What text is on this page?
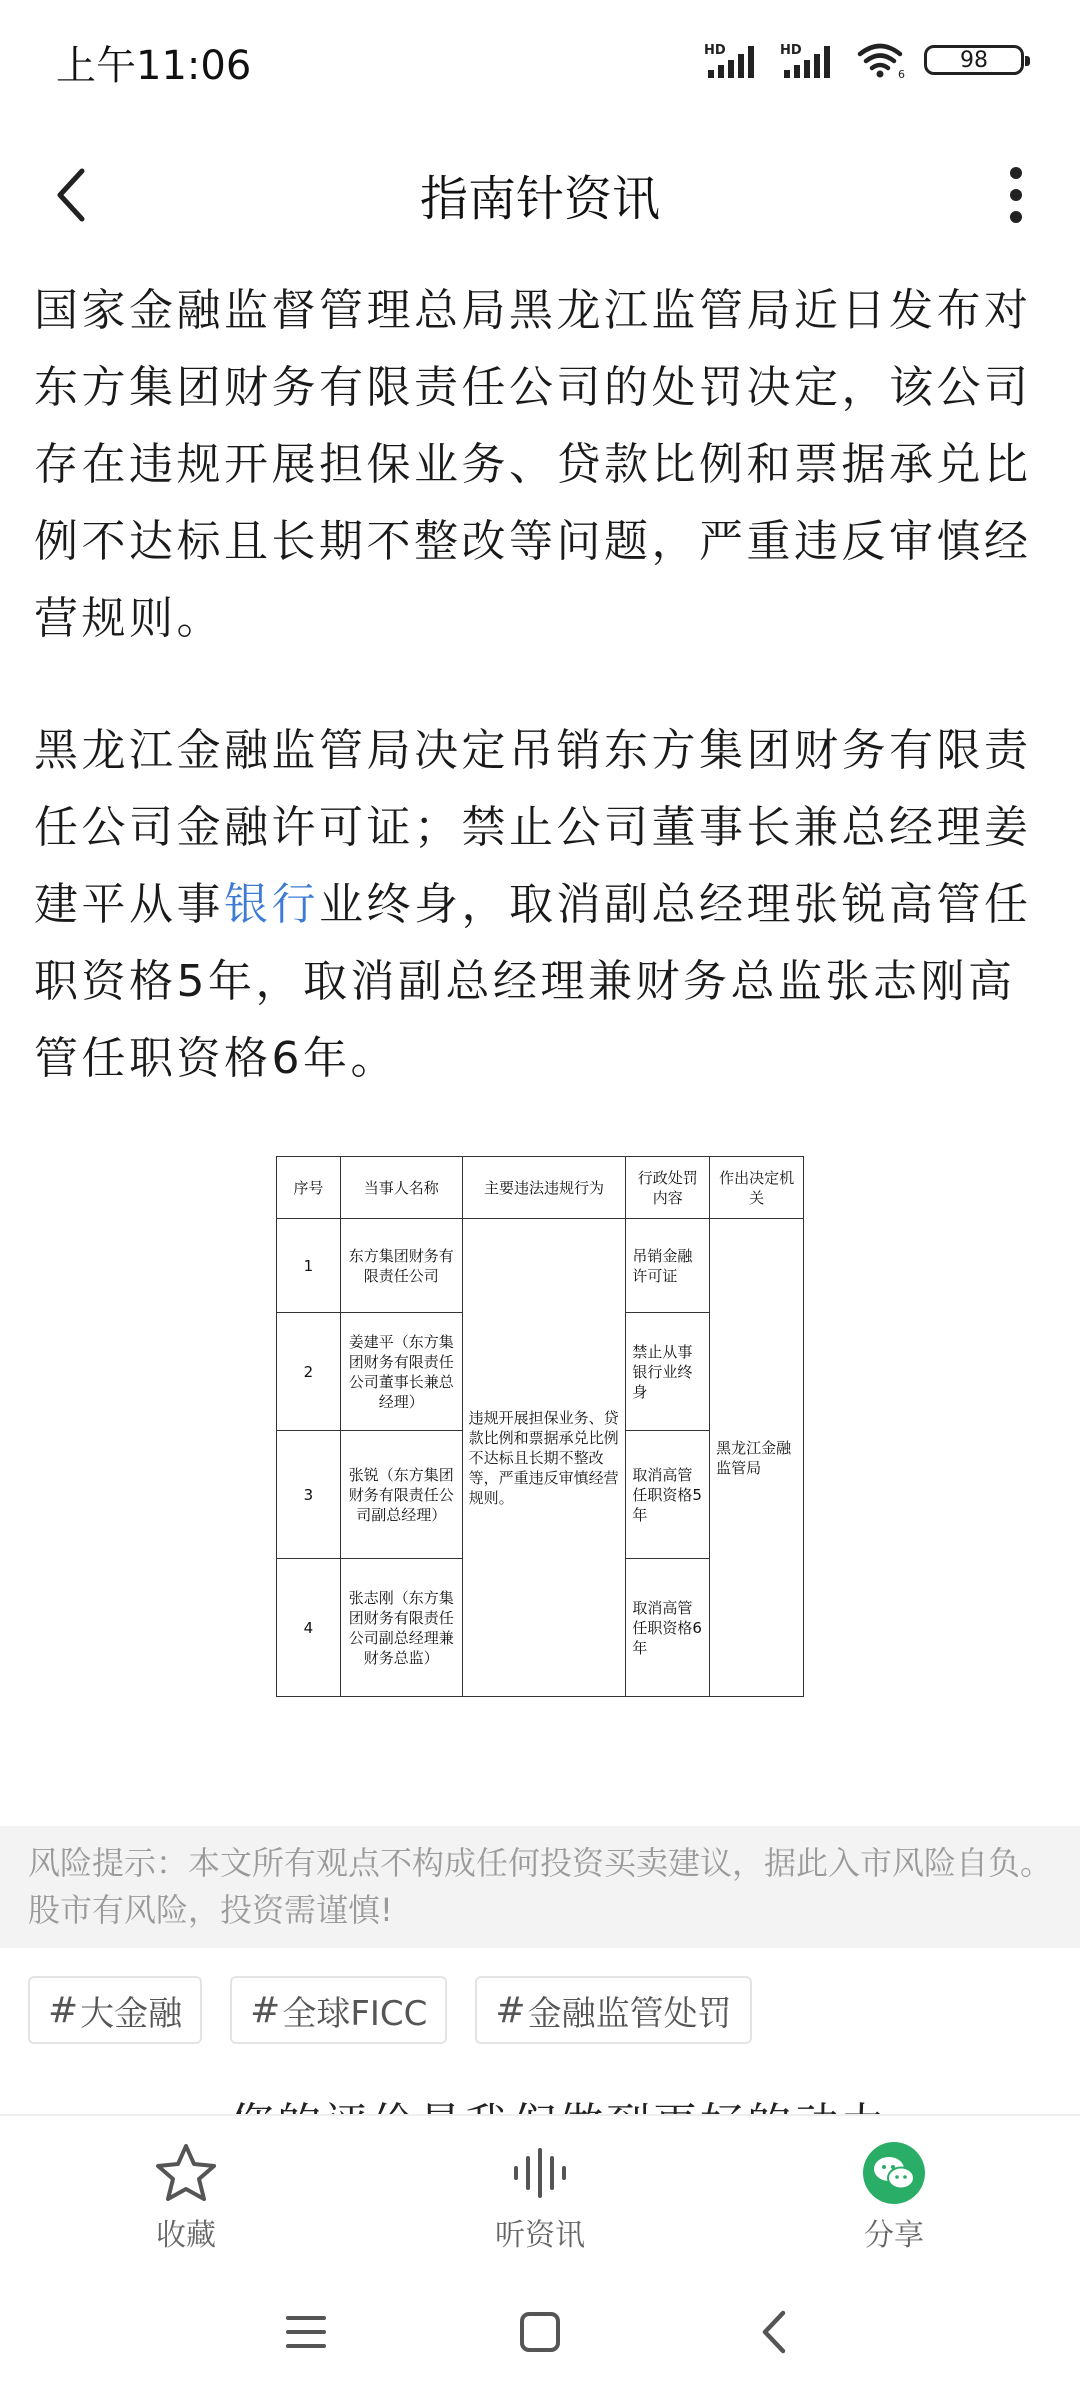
上午11:06	HD	HD
6
98
指南针资讯

国家金融监督管理总局黑龙江监管局近日发布对东方集团财务有限责任公司的处罚决定，该公司存在违规开展担保业务、贷款比例和票据承兑比例不达标且长期不整改等问题，严重违反审慎经营规则。

黑龙江金融监管局决定吊销东方集团财务有限责任公司金融许可证；禁止公司董事长兼总经理姜建平从事银行业终身，取消副总经理张锐高管任职资格5年，取消副总经理兼财务总监张志刚高管任职资格6年。

序号	当事人名称	主要违法违规行为	行政处罚内容	作出决定机关
1	东方集团财务有限责任公司	违规开展担保业务、贷款比例和票据承兑比例不达标且长期不整改等，严重违反审慎经营规则。	吊销金融许可证	黑龙江金融监管局
2	姜建平（东方集团财务有限责任公司董事长兼总经理）		禁止从事银行业终身	
3	张锐（东方集团财务有限责任公司副总经理）		取消高管任职资格5年	
4	张志刚（东方集团财务有限责任公司副总经理兼财务总监）		取消高管任职资格6年	
风险提示：本文所有观点不构成任何投资买卖建议，据此入市风险自负。股市有风险，投资需谨慎!
# 大金融 # 全球FICC # 金融监管处罚
收藏	听资讯	分享
